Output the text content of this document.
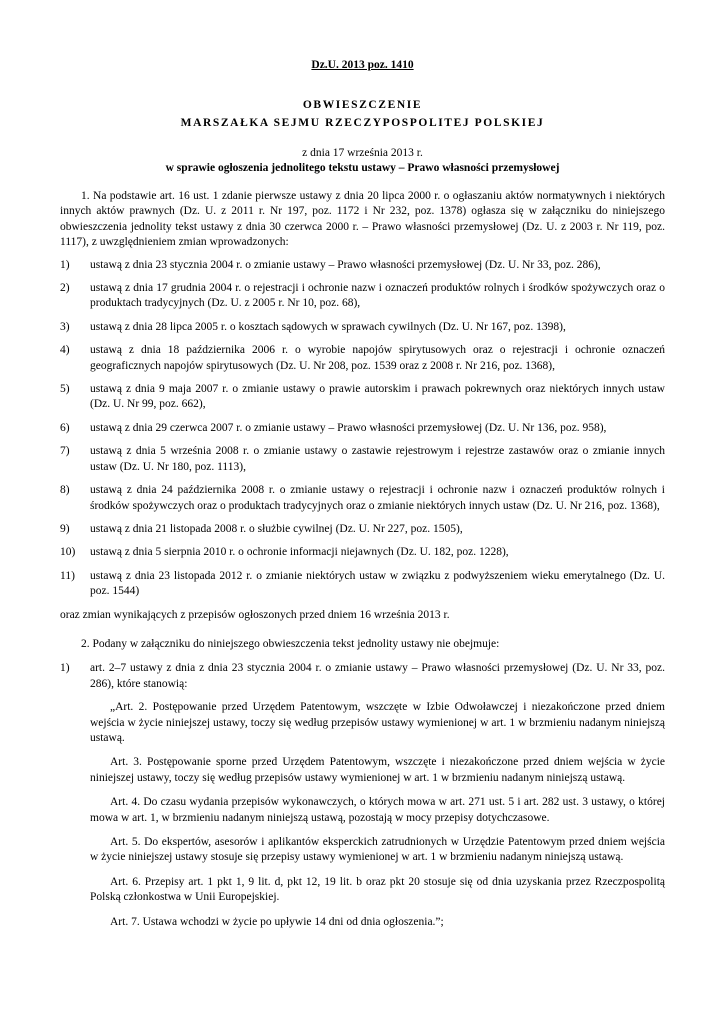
Dz.U. 2013 poz. 1410

OBWIESZCZENIE

MARSZAŁKA SEJMU RZECZYPOSPOLITEJ POLSKIEJ

z dnia 17 września 2013 r.

w sprawie ogłoszenia jednolitego tekstu ustawy – Prawo własności przemysłowej

1. Na podstawie art. 16 ust. 1 zdanie pierwsze ustawy z dnia 20 lipca 2000 r. o ogłaszaniu aktów normatywnych i niektórych innych aktów prawnych (Dz. U. z 2011 r. Nr 197, poz. 1172 i Nr 232, poz. 1378) ogłasza się w załączniku do niniejszego obwieszczenia jednolity tekst ustawy z dnia 30 czerwca 2000 r. – Prawo własności przemysłowej (Dz. U. z 2003 r. Nr 119, poz. 1117), z uwzględnieniem zmian wprowadzonych:

1) ustawą z dnia 23 stycznia 2004 r. o zmianie ustawy – Prawo własności przemysłowej (Dz. U. Nr 33, poz. 286),
2) ustawą z dnia 17 grudnia 2004 r. o rejestracji i ochronie nazw i oznaczeń produktów rolnych i środków spożywczych oraz o produktach tradycyjnych (Dz. U. z 2005 r. Nr 10, poz. 68),
3) ustawą z dnia 28 lipca 2005 r. o kosztach sądowych w sprawach cywilnych (Dz. U. Nr 167, poz. 1398),
4) ustawą z dnia 18 października 2006 r. o wyrobie napojów spirytusowych oraz o rejestracji i ochronie oznaczeń geograficznych napojów spirytusowych (Dz. U. Nr 208, poz. 1539 oraz z 2008 r. Nr 216, poz. 1368),
5) ustawą z dnia 9 maja 2007 r. o zmianie ustawy o prawie autorskim i prawach pokrewnych oraz niektórych innych ustaw (Dz. U. Nr 99, poz. 662),
6) ustawą z dnia 29 czerwca 2007 r. o zmianie ustawy – Prawo własności przemysłowej (Dz. U. Nr 136, poz. 958),
7) ustawą z dnia 5 września 2008 r. o zmianie ustawy o zastawie rejestrowym i rejestrze zastawów oraz o zmianie innych ustaw (Dz. U. Nr 180, poz. 1113),
8) ustawą z dnia 24 października 2008 r. o zmianie ustawy o rejestracji i ochronie nazw i oznaczeń produktów rolnych i środków spożywczych oraz o produktach tradycyjnych oraz o zmianie niektórych innych ustaw (Dz. U. Nr 216, poz. 1368),
9) ustawą z dnia 21 listopada 2008 r. o służbie cywilnej (Dz. U. Nr 227, poz. 1505),
10) ustawą z dnia 5 sierpnia 2010 r. o ochronie informacji niejawnych (Dz. U. 182, poz. 1228),
11) ustawą z dnia 23 listopada 2012 r. o zmianie niektórych ustaw w związku z podwyższeniem wieku emerytalnego (Dz. U. poz. 1544)

oraz zmian wynikających z przepisów ogłoszonych przed dniem 16 września 2013 r.

2. Podany w załączniku do niniejszego obwieszczenia tekst jednolity ustawy nie obejmuje:

1) art. 2–7 ustawy z dnia z dnia 23 stycznia 2004 r. o zmianie ustawy – Prawo własności przemysłowej (Dz. U. Nr 33, poz. 286), które stanowią:

„Art. 2. Postępowanie przed Urzędem Patentowym, wszczęte w Izbie Odwoławczej i niezakończone przed dniem wejścia w życie niniejszej ustawy, toczy się według przepisów ustawy wymienionej w art. 1 w brzmieniu nadanym niniejszą ustawą.

Art. 3. Postępowanie sporne przed Urzędem Patentowym, wszczęte i niezakończone przed dniem wejścia w życie niniejszej ustawy, toczy się według przepisów ustawy wymienionej w art. 1 w brzmieniu nadanym niniejszą ustawą.

Art. 4. Do czasu wydania przepisów wykonawczych, o których mowa w art. 271 ust. 5 i art. 282 ust. 3 ustawy, o której mowa w art. 1, w brzmieniu nadanym niniejszą ustawą, pozostają w mocy przepisy dotychczasowe.

Art. 5. Do ekspertów, asesorów i aplikantów eksperckich zatrudnionych w Urzędzie Patentowym przed dniem wejścia w życie niniejszej ustawy stosuje się przepisy ustawy wymienionej w art. 1 w brzmieniu nadanym niniejszą ustawą.

Art. 6. Przepisy art. 1 pkt 1, 9 lit. d, pkt 12, 19 lit. b oraz pkt 20 stosuje się od dnia uzyskania przez Rzeczpospolitą Polską członkostwa w Unii Europejskiej.

Art. 7. Ustawa wchodzi w życie po upływie 14 dni od dnia ogłoszenia.”;
